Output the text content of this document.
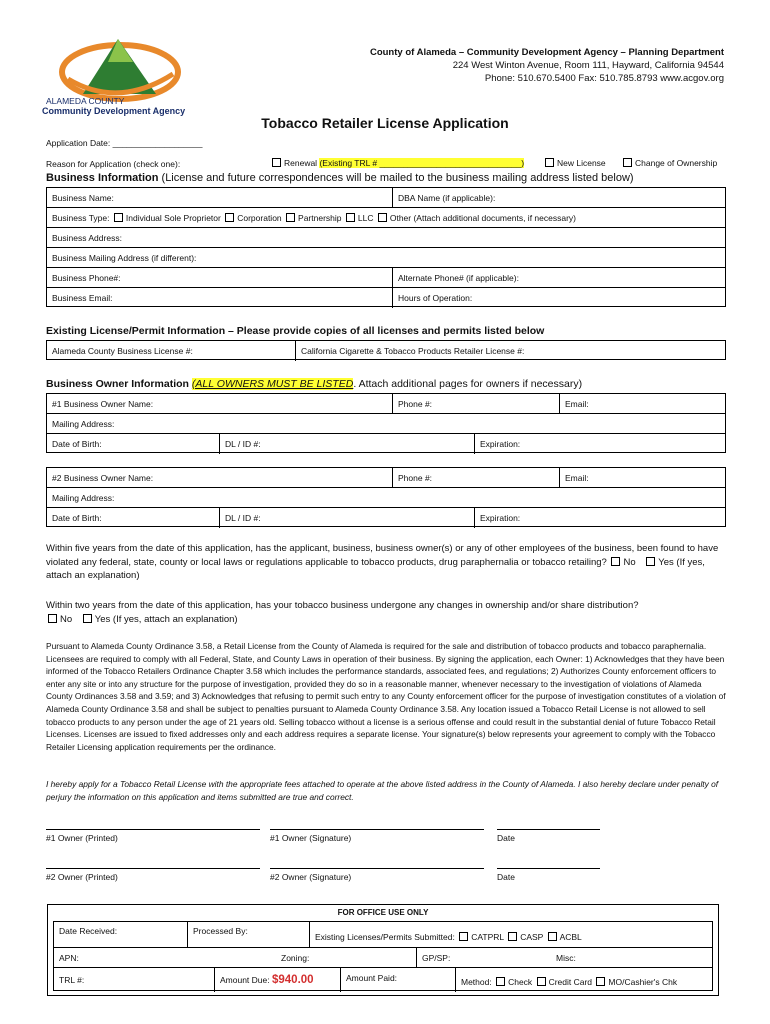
ALAMEDA COUNTY
Community Development Agency
County of Alameda – Community Development Agency – Planning Department
224 West Winton Avenue, Room 111, Hayward, California 94544
Phone: 510.670.5400 Fax: 510.785.8793 www.acgov.org
Tobacco Retailer License Application
Application Date: ___________________
Reason for Application (check one):	Renewal (Existing TRL # ______________________________)	New License	Change of Ownership
Business Information (License and future correspondences will be mailed to the business mailing address listed below)
Business Name:	DBA Name (if applicable):
Business Type: Individual Sole Proprietor Corporation Partnership LLC Other (Attach additional documents, if necessary)
Business Address:
Business Mailing Address (if different):
Business Phone#:	Alternate Phone# (if applicable):
Business Email:	Hours of Operation:
Existing License/Permit Information – Please provide copies of all licenses and permits listed below
Alameda County Business License #:	California Cigarette & Tobacco Products Retailer License #:
Business Owner Information (ALL OWNERS MUST BE LISTED. Attach additional pages for owners if necessary)
#1 Business Owner Name:	Phone #:	Email:
Mailing Address:
Date of Birth:	DL / ID #:	Expiration:
#2 Business Owner Name:	Phone #:	Email:
Mailing Address:
Date of Birth:	DL / ID #:	Expiration:
Within five years from the date of this application, has the applicant, business, business owner(s) or any of other employees of the business, been found to have violated any federal, state, county or local laws or regulations applicable to tobacco products, drug paraphernalia or tobacco retailing? No Yes (If yes, attach an explanation)
Within two years from the date of this application, has your tobacco business undergone any changes in ownership and/or share distribution?
No Yes (If yes, attach an explanation)
Pursuant to Alameda County Ordinance 3.58, a Retail License from the County of Alameda is required for the sale and distribution of tobacco products and tobacco paraphernalia. Licensees are required to comply with all Federal, State, and County Laws in operation of their business. By signing the application, each Owner: 1) Acknowledges that they have been informed of the Tobacco Retailers Ordinance Chapter 3.58 which includes the performance standards, associated fees, and regulations; 2) Authorizes County enforcement officers to enter any site or into any structure for the purpose of investigation, provided they do so in a reasonable manner, whenever necessary to the investigation of violations of Alameda County Ordinances 3.58 and 3.59; and 3) Acknowledges that refusing to permit such entry to any County enforcement officer for the purpose of investigation constitutes of a violation of Alameda County Ordinance 3.58 and shall be subject to penalties pursuant to Alameda County Ordinance 3.58. Any location issued a Tobacco Retail License is not allowed to sell tobacco products to any person under the age of 21 years old. Selling tobacco without a license is a serious offense and could result in the substantial denial of future Tobacco Retail Licenses. Licenses are issued to fixed addresses only and each address requires a separate license. Your signature(s) below represents your agreement to comply with the Tobacco Retailer Licensing application requirements per the ordinance.
I hereby apply for a Tobacco Retail License with the appropriate fees attached to operate at the above listed address in the County of Alameda. I also hereby declare under penalty of perjury the information on this application and items submitted are true and correct.
#1 Owner (Printed)	#1 Owner (Signature)	Date
#2 Owner (Printed)	#2 Owner (Signature)	Date
FOR OFFICE USE ONLY
Date Received:	Processed By:
Existing Licenses/Permits Submitted: CATPRL CASP ACBL
APN:	Zoning:	GP/SP:	Misc:
TRL #:	Amount Due: $940.00	Amount Paid:	Method: Check Credit Card MO/Cashier's Chk
